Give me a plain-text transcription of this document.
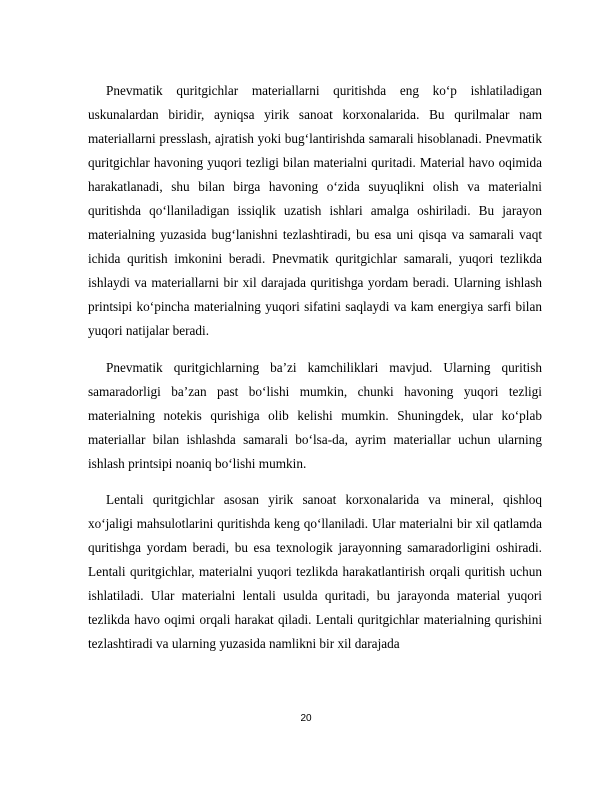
Pnevmatik quritgichlar materiallarni quritishda eng ko‘p ishlatiladigan uskunalardan biridir, ayniqsa yirik sanoat korxonalarida. Bu qurilmalar nam materiallarni presslash, ajratish yoki bug‘lantirishda samarali hisoblanadi. Pnevmatik quritgichlar havoning yuqori tezligi bilan materialni quritadi. Material havo oqimida harakatlanadi, shu bilan birga havoning o‘zida suyuqlikni olish va materialni quritishda qo‘llaniladigan issiqlik uzatish ishlari amalga oshiriladi. Bu jarayon materialning yuzasida bug‘lanishni tezlashtiradi, bu esa uni qisqa va samarali vaqt ichida quritish imkonini beradi. Pnevmatik quritgichlar samarali, yuqori tezlikda ishlaydi va materiallarni bir xil darajada quritishga yordam beradi. Ularning ishlash printsipi ko‘pincha materialning yuqori sifatini saqlaydi va kam energiya sarfi bilan yuqori natijalar beradi.

Pnevmatik quritgichlarning ba’zi kamchiliklari mavjud. Ularning quritish samaradorligi ba’zan past bo‘lishi mumkin, chunki havoning yuqori tezligi materialning notekis qurishiga olib kelishi mumkin. Shuningdek, ular ko‘plab materiallar bilan ishlashda samarali bo‘lsa-da, ayrim materiallar uchun ularning ishlash printsipi noaniq bo‘lishi mumkin.

Lentali quritgichlar asosan yirik sanoat korxonalarida va mineral, qishloq xo‘jaligi mahsulotlarini quritishda keng qo‘llaniladi. Ular materialni bir xil qatlamda quritishga yordam beradi, bu esa texnologik jarayonning samaradorligini oshiradi. Lentali quritgichlar, materialni yuqori tezlikda harakatlantirish orqali quritish uchun ishlatiladi. Ular materialni lentali usulda quritadi, bu jarayonda material yuqori tezlikda havo oqimi orqali harakat qiladi. Lentali quritgichlar materialning qurishini tezlashtiradi va ularning yuzasida namlikni bir xil darajada

20
